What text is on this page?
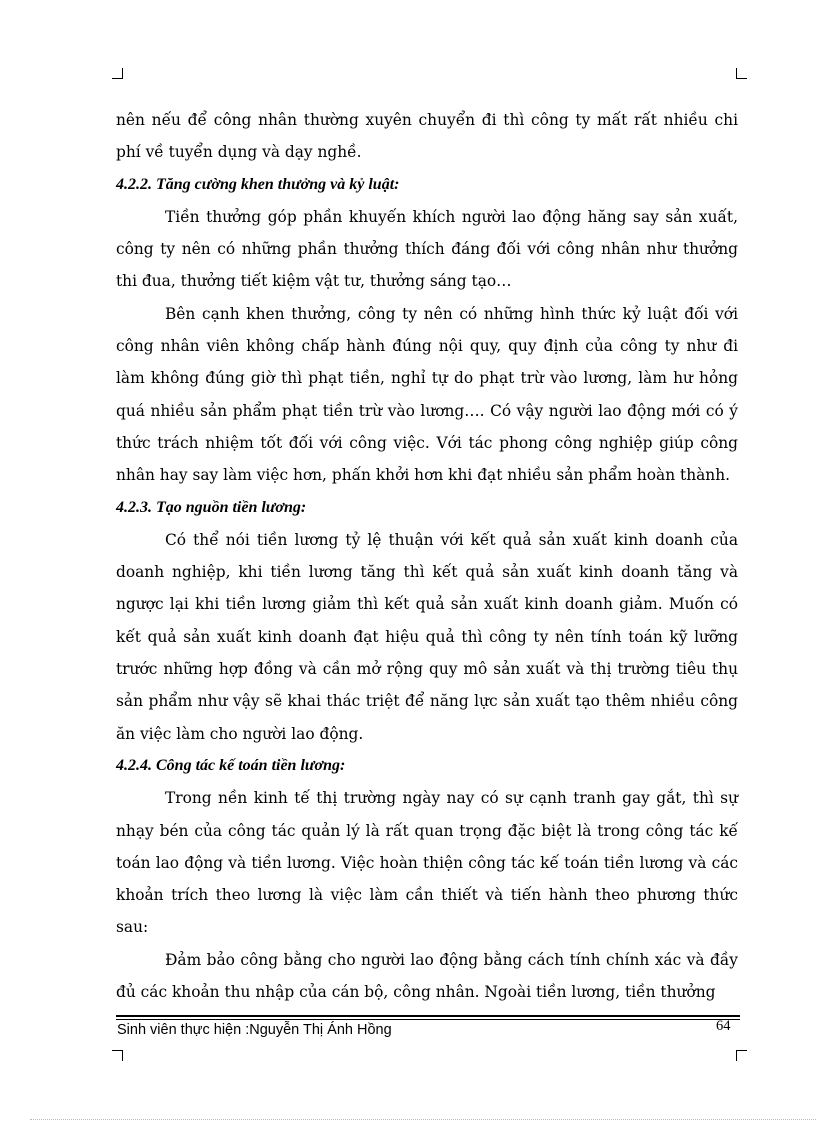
nên nếu để công nhân thường xuyên chuyển đi thì công ty mất rất nhiều chi phí về tuyển dụng và dạy nghề.

4.2.2. Tăng cường khen thưởng và kỷ luật:

Tiền thưởng góp phần khuyến khích người lao động hăng say sản xuất, công ty nên có những phần thưởng thích đáng đối với công nhân như thưởng thi đua, thưởng tiết kiệm vật tư, thưởng sáng tạo…

Bên cạnh khen thưởng, công ty nên có những hình thức kỷ luật đối với công nhân viên không chấp hành đúng nội quy, quy định của công ty như đi làm không đúng giờ thì phạt tiền, nghỉ tự do phạt trừ vào lương, làm hư hỏng quá nhiều sản phẩm phạt tiền trừ vào lương…. Có vậy người lao động mới có ý thức trách nhiệm tốt đối với công việc. Với tác phong công nghiệp giúp công nhân hay say làm việc hơn, phấn khởi hơn khi đạt nhiều sản phẩm hoàn thành.

4.2.3. Tạo nguồn tiền lương:

Có thể nói tiền lương tỷ lệ thuận với kết quả sản xuất kinh doanh của doanh nghiệp, khi tiền lương tăng thì kết quả sản xuất kinh doanh tăng và ngược lại khi tiền lương giảm thì kết quả sản xuất kinh doanh giảm. Muốn có kết quả sản xuất kinh doanh đạt hiệu quả thì công ty nên tính toán kỹ lưỡng trước những hợp đồng và cần mở rộng quy mô sản xuất và thị trường tiêu thụ sản phẩm như vậy sẽ khai thác triệt để năng lực sản xuất tạo thêm nhiều công ăn việc làm cho người lao động.

4.2.4. Công tác kế toán tiền lương:

Trong nền kinh tế thị trường ngày nay có sự cạnh tranh gay gắt, thì sự nhạy bén của công tác quản lý là rất quan trọng đặc biệt là trong công tác kế toán lao động và tiền lương. Việc hoàn thiện công tác kế toán tiền lương và các khoản trích theo lương là việc làm cần thiết và tiến hành theo phương thức sau:

Đảm bảo công bằng cho người lao động bằng cách tính chính xác và đầy đủ các khoản thu nhập của cán bộ, công nhân. Ngoài tiền lương, tiền thưởng

Sinh viên thực hiện :Nguyễn Thị Ánh Hồng	64
